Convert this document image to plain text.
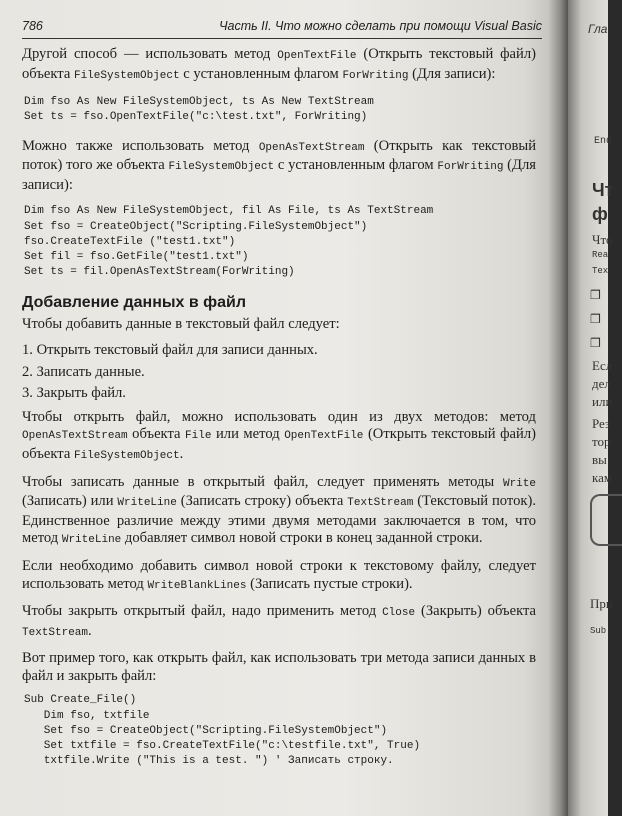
786	Часть II. Что можно сделать при помощи Visual Basic

Другой способ — использовать метод OpenTextFile (Открыть текстовый файл) объекта FileSystemObject с установленным флагом ForWriting (Для записи):

Dim fso As New FileSystemObject, ts As New TextStream
Set ts = fso.OpenTextFile("c:\test.txt", ForWriting)

Можно также использовать метод OpenAsTextStream (Открыть как текстовый поток) того же объекта FileSystemObject с установленным флагом ForWriting (Для записи):

Dim fso As New FileSystemObject, fil As File, ts As TextStream
Set fso = CreateObject("Scripting.FileSystemObject")
fso.CreateTextFile ("test1.txt")
Set fil = fso.GetFile("test1.txt")
Set ts = fil.OpenAsTextStream(ForWriting)
Добавление данных в файл

Чтобы добавить данные в текстовый файл следует:

1. Открыть текстовый файл для записи данных.
2. Записать данные.
3. Закрыть файл.

Чтобы открыть файл, можно использовать один из двух методов: метод OpenAsTextStream объекта File или метод OpenTextFile (Открыть текстовый файл) объекта FileSystemObject.

Чтобы записать данные в открытый файл, следует применять методы Write (Записать) или WriteLine (Записать строку) объекта TextStream (Текстовый поток). Единственное различие между этими двумя методами заключается в том, что метод WriteLine добавляет символ новой строки в конец заданной строки.

Если необходимо добавить символ новой строки к текстовому файлу, следует использовать метод WriteBlankLines (Записать пустые строки).

Чтобы закрыть открытый файл, надо применить метод Close (Закрыть) объекта TextStream.

Вот пример того, как открыть файл, как использовать три метода записи данных в файл и закрыть файл:

Sub Create_File()
Dim fso, txtfile
Set fso = CreateObject("Scripting.FileSystemObject")
Set txtfile = fso.CreateTextFile("c:\testfile.txt", True)
txtfile.Write ("This is a test. ") ' Записать строку.
Гла
End
Чт
ф
Что
Rea
Tex
❒
❒
❒
Есл
дел
или
Рез
тор
вы
кам
При
Sub
